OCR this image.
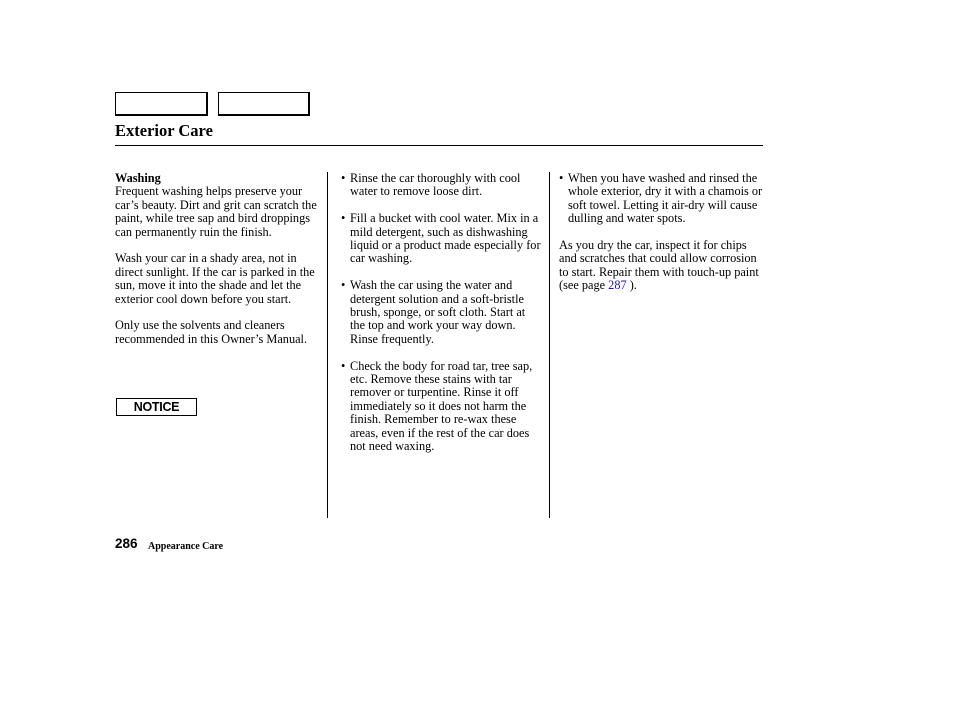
Exterior Care
Washing

Frequent washing helps preserve your car’s beauty. Dirt and grit can scratch the paint, while tree sap and bird droppings can permanently ruin the finish.

Wash your car in a shady area, not in direct sunlight. If the car is parked in the sun, move it into the shade and let the exterior cool down before you start.

Only use the solvents and cleaners recommended in this Owner’s Manual.

NOTICE
• Rinse the car thoroughly with cool water to remove loose dirt.
• Fill a bucket with cool water. Mix in a mild detergent, such as dishwashing liquid or a product made especially for car washing.
• Wash the car using the water and detergent solution and a soft-bristle brush, sponge, or soft cloth. Start at the top and work your way down. Rinse frequently.
• Check the body for road tar, tree sap, etc. Remove these stains with tar remover or turpentine. Rinse it off immediately so it does not harm the finish. Remember to re-wax these areas, even if the rest of the car does not need waxing.
• When you have washed and rinsed the whole exterior, dry it with a chamois or soft towel. Letting it air-dry will cause dulling and water spots.

As you dry the car, inspect it for chips and scratches that could allow corrosion to start. Repair them with touch-up paint (see page 287 ).

286 Appearance Care
